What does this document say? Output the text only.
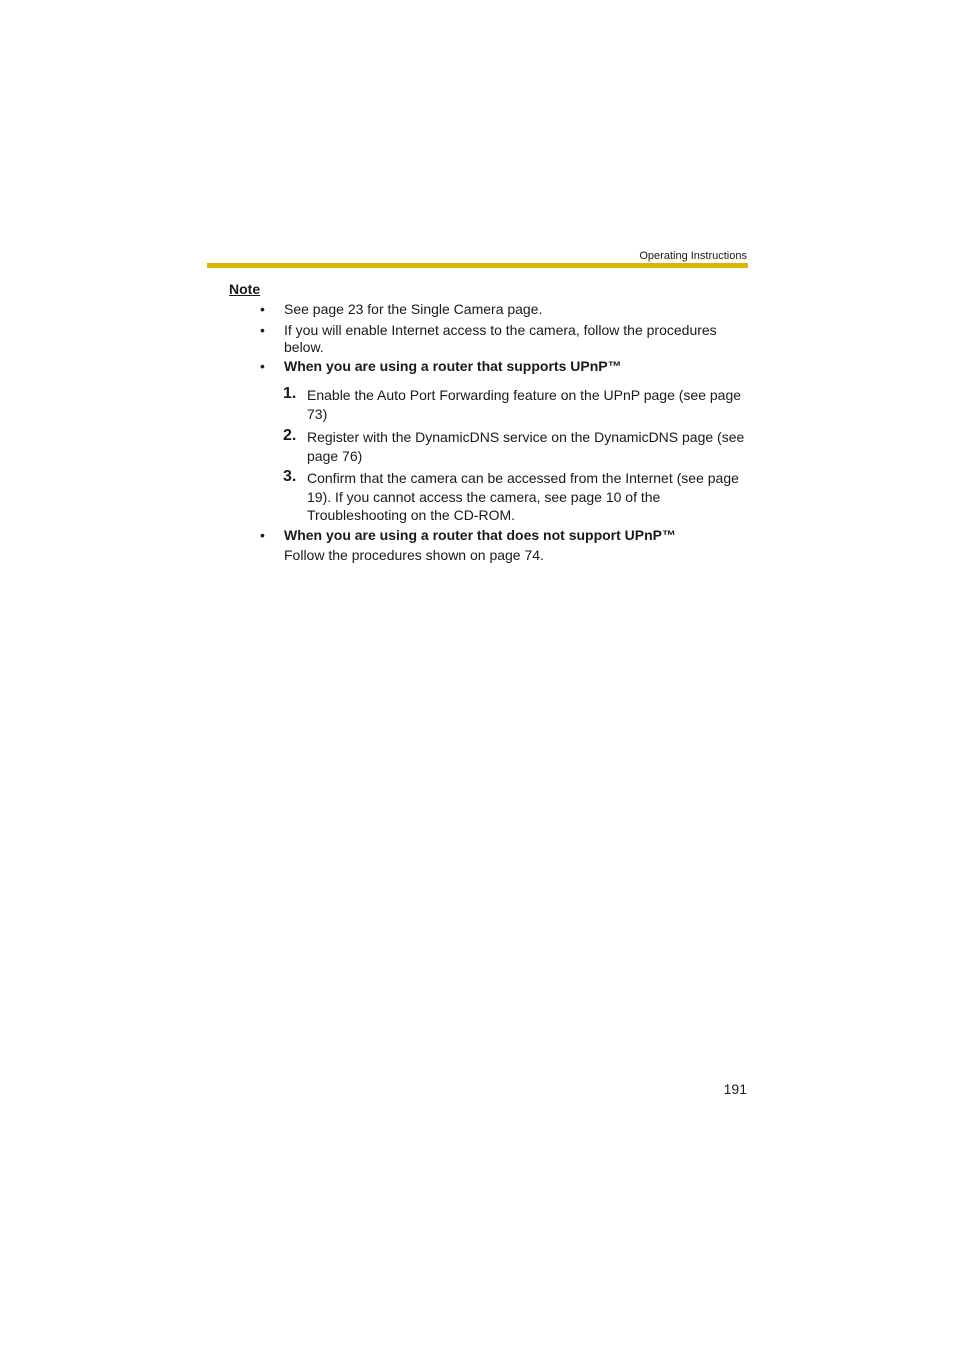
Operating Instructions
Note
• See page 23 for the Single Camera page.
• If you will enable Internet access to the camera, follow the procedures below.
• When you are using a router that supports UPnP™
1. Enable the Auto Port Forwarding feature on the UPnP page (see page 73)
2. Register with the DynamicDNS service on the DynamicDNS page (see page 76)
3. Confirm that the camera can be accessed from the Internet (see page 19). If you cannot access the camera, see page 10 of the Troubleshooting on the CD-ROM.
• When you are using a router that does not support UPnP™
Follow the procedures shown on page 74.
191
